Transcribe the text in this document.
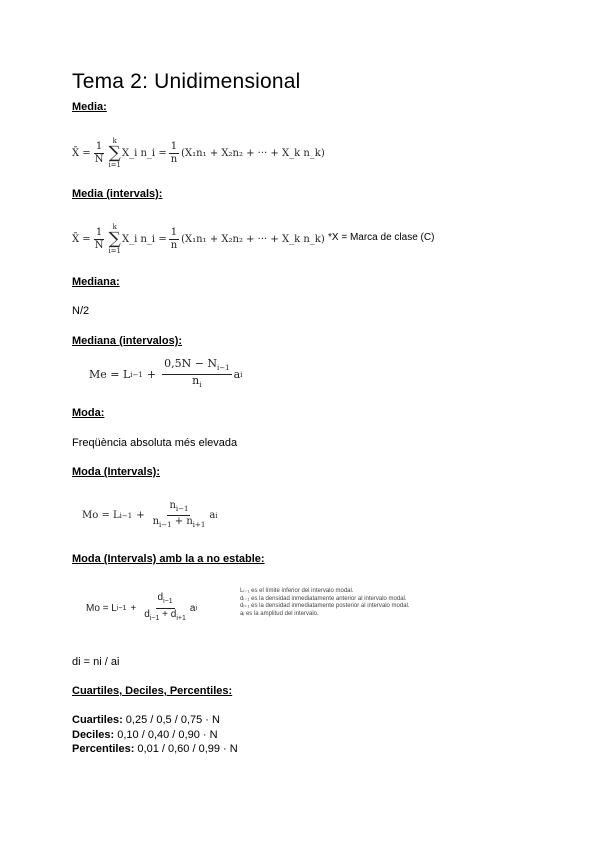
Tema 2: Unidimensional
Media:
X̄ = $\frac{1}{N}$ k
∑
i=1
X_i n_i = $\frac{1}{n} (X_1n_1 + X_2n_2$ + ··· + X_k n_k)
Media (intervals):
X̄ = $\frac{1}{N}$ k
∑
i=1
X_i n_i = $\frac{1}{n} (X_1n_1 + X_2n_2$ + ··· + X_k n_k) *X = Marca de clase (C)
Mediana:
N/2
Mediana (intervalos):
Me = L $i-1 + \frac{0,5N - N_{i-1}}{n_i}$ a i
Moda:
Freqüència absoluta més elevada
Moda (Intervals):
Mo = L $i-1 + \frac{n_{i-1}}{n_{i-1} + n_{i+1}}$ a i
Moda (Intervals) amb la a no estable:
Mo = L $i-1 + \frac{d_{i-1}}{d_{i-1} + d_{i+1}}$ a i
Lᵢ₋₁ es el límite inferior del intervalo modal.
dᵢ₋₁ es la densidad inmediatamente anterior al intervalo modal.
dᵢ₊₁ es la densidad inmediatamente posterior al intervalo modal.
aᵢ es la amplitud del intervalo.
di = ni / ai
Cuartiles, Deciles, Percentiles:
Cuartiles: 0,25 / 0,5 / 0,75 · N
Deciles: 0,10 / 0,40 / 0,90 · N
Percentiles: 0,01 / 0,60 / 0,99 · N
